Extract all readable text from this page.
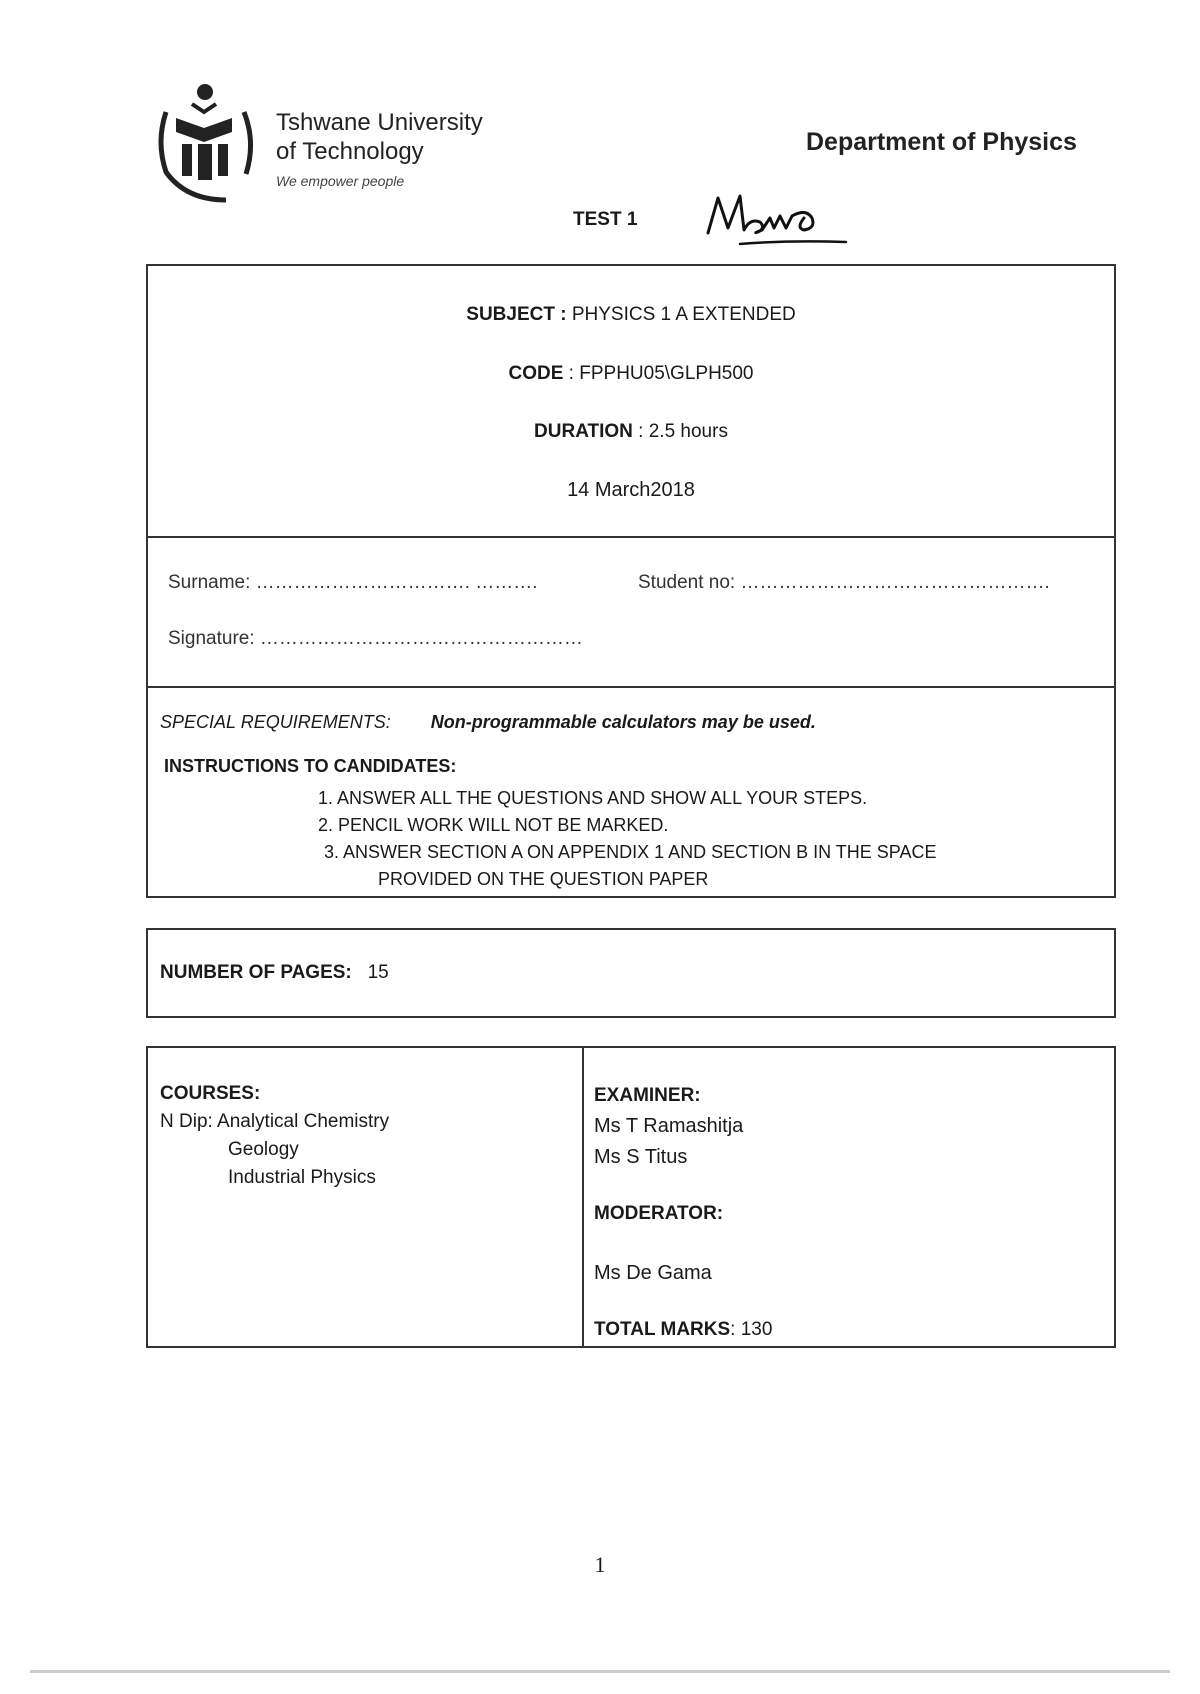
Tshwane University
of Technology
We empower people
Department of Physics
TEST 1
SUBJECT : PHYSICS 1 A EXTENDED
CODE : FPPHU05\GLPH500
DURATION : 2.5 hours
14 March2018
Surname: ……………………………. ……….	Student no: ………………………………………….
Signature: ……………………………………………
SPECIAL REQUIREMENTS: Non-programmable calculators may be used.
INSTRUCTIONS TO CANDIDATES:
1. ANSWER ALL THE QUESTIONS AND SHOW ALL YOUR STEPS.
2. PENCIL WORK WILL NOT BE MARKED.
3. ANSWER SECTION A ON APPENDIX 1 AND SECTION B IN THE SPACE
PROVIDED ON THE QUESTION PAPER
NUMBER OF PAGES: 15
COURSES:
N Dip: Analytical Chemistry
Geology
Industrial Physics
EXAMINER:
Ms T Ramashitja
Ms S Titus
MODERATOR:
Ms De Gama
TOTAL MARKS: 130
1
